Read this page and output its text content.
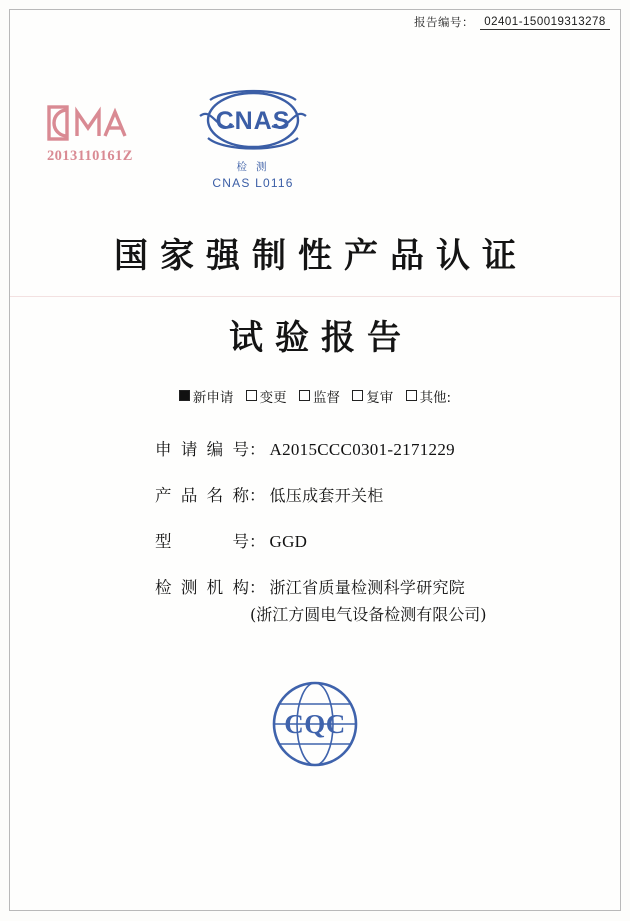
报告编号： 02401-150019313278
2013110161Z
CNAS
检 测
CNAS L0116
国家强制性产品认证
试验报告
新申请 变更 监督 复审 其他:
申请编号 ： A2015CCC0301-2171229
产品名称 ： 低压成套开关柜
型　　号 ： GGD
检测机构 ： 浙江省质量检测科学研究院
(浙江方圆电气设备检测有限公司)
CQC
